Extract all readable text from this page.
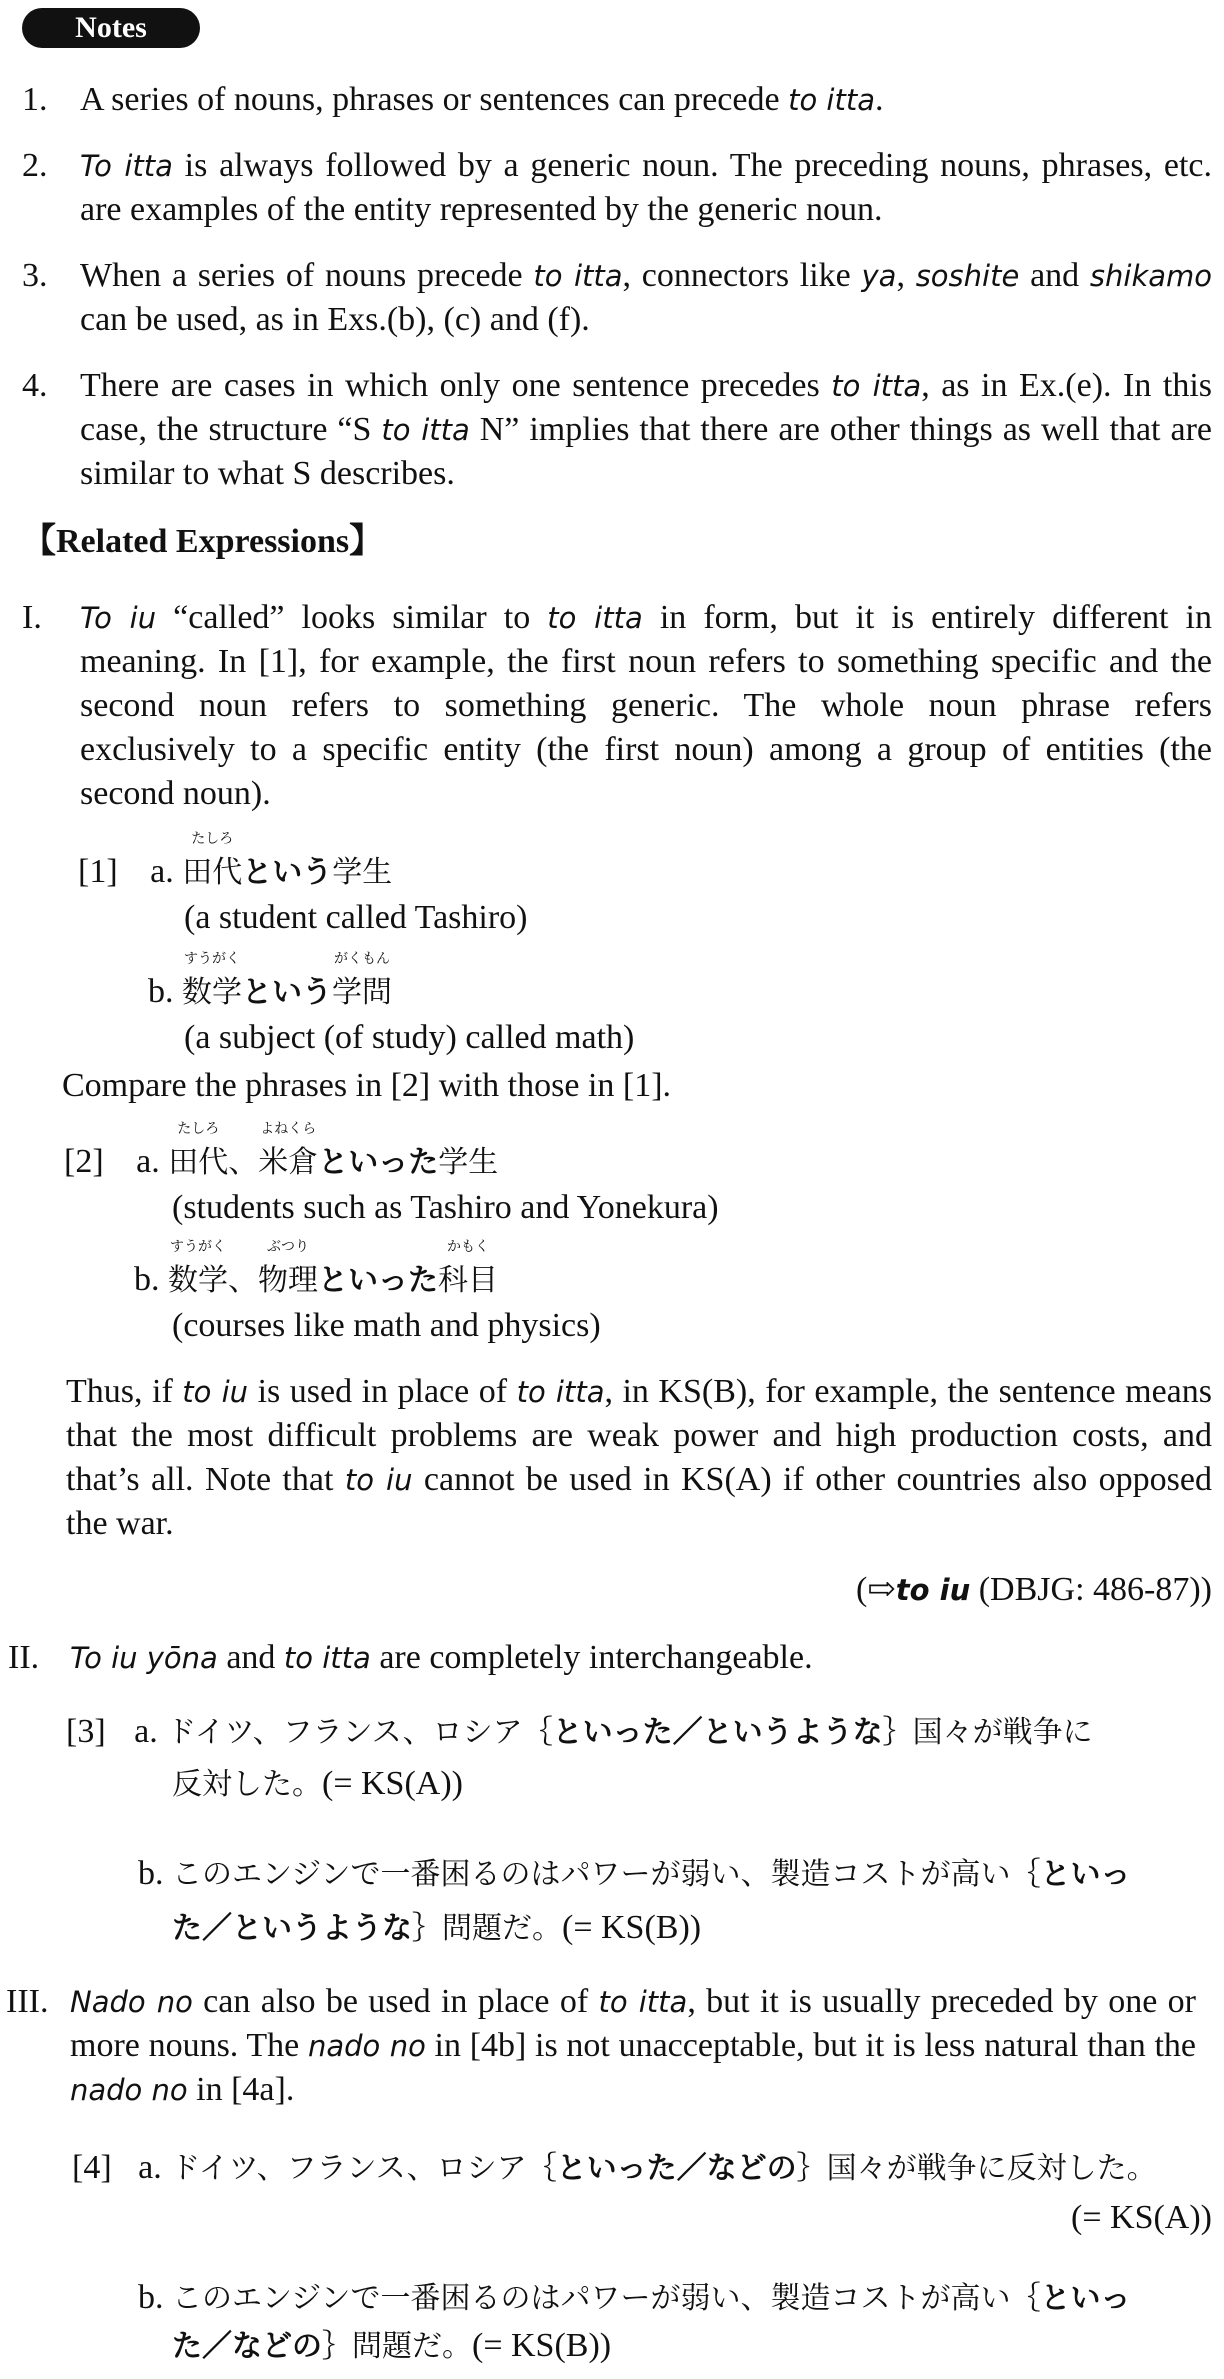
Notes
1. A series of nouns, phrases or sentences can precede to itta.
2. To itta is always followed by a generic noun. The preceding nouns, phrases, etc. are examples of the entity represented by the generic noun.
3. When a series of nouns precede to itta, connectors like ya, soshite and shikamo can be used, as in Exs.(b), (c) and (f).
4. There are cases in which only one sentence precedes to itta, as in Ex.(e). In this case, the structure “S to itta N” implies that there are other things as well that are similar to what S describes.
【Related Expressions】
I.	To iu “called” looks similar to to itta in form, but it is entirely different in meaning. In [1], for example, the first noun refers to something specific and the second noun refers to something generic. The whole noun phrase refers exclusively to a specific entity (the first noun) among a group of entities (the second noun).
[1] a.
たしろ
田代という学生
(a student called Tashiro)
b.
すうがく
数学という
がくもん
学問
(a subject (of study) called math)
Compare the phrases in [2] with those in [1].
[2] a.
たしろ
田代、
よねくら
米倉といった学生
(students such as Tashiro and Yonekura)
b.
すうがく
数学、
ぶつり
物理といった
かもく
科目
(courses like math and physics)
Thus, if to iu is used in place of to itta, in KS(B), for example, the sentence means that the most difficult problems are weak power and high production costs, and that’s all. Note that to iu cannot be used in KS(A) if other countries also opposed the war.
(⇨to iu (DBJG: 486-87))
II.	To iu yōna and to itta are completely interchangeable.
[3] a. ドイツ、フランス、ロシア｛といった／というような｝国々が戦争に
反対した。(= KS(A))
b. このエンジンで一番困るのはパワーが弱い、製造コストが高い｛といっ
た／というような｝問題だ。(= KS(B))
III. Nado no can also be used in place of to itta, but it is usually preceded by one or more nouns. The nado no in [4b] is not unacceptable, but it is less natural than the nado no in [4a].
[4] a. ドイツ、フランス、ロシア｛といった／などの｝国々が戦争に反対した。
(= KS(A))
b. このエンジンで一番困るのはパワーが弱い、製造コストが高い｛といっ
た／などの｝問題だ。(= KS(B))
